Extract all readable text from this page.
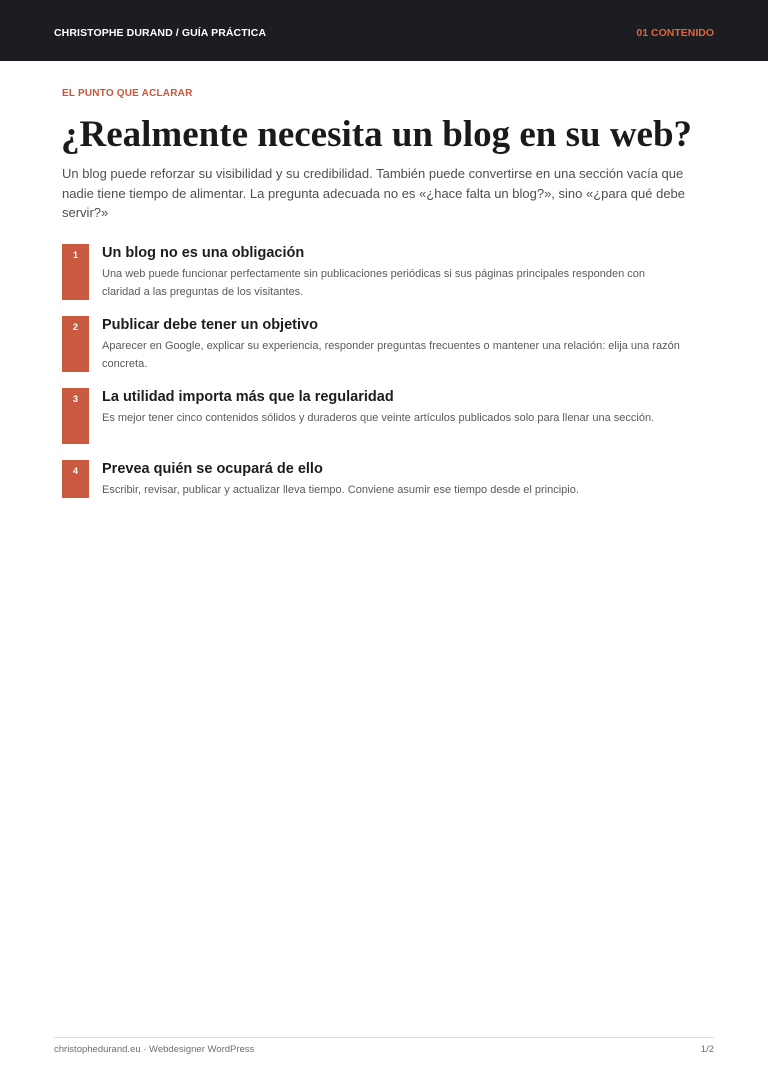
CHRISTOPHE DURAND / GUÍA PRÁCTICA	01 CONTENIDO
EL PUNTO QUE ACLARAR
¿Realmente necesita un blog en su web?

Un blog puede reforzar su visibilidad y su credibilidad. También puede convertirse en una sección vacía que nadie tiene tiempo de alimentar. La pregunta adecuada no es «¿hace falta un blog?», sino «¿para qué debe servir?»

1	Un blog no es una obligación

Una web puede funcionar perfectamente sin publicaciones periódicas si sus páginas principales responden con claridad a las preguntas de los visitantes.

2	Publicar debe tener un objetivo

Aparecer en Google, explicar su experiencia, responder preguntas frecuentes o mantener una relación: elija una razón concreta.

3	La utilidad importa más que la regularidad

Es mejor tener cinco contenidos sólidos y duraderos que veinte artículos publicados solo para llenar una sección.

4	Prevea quién se ocupará de ello

Escribir, revisar, publicar y actualizar lleva tiempo. Conviene asumir ese tiempo desde el principio.

christophedurand.eu · Webdesigner WordPress	1/2
